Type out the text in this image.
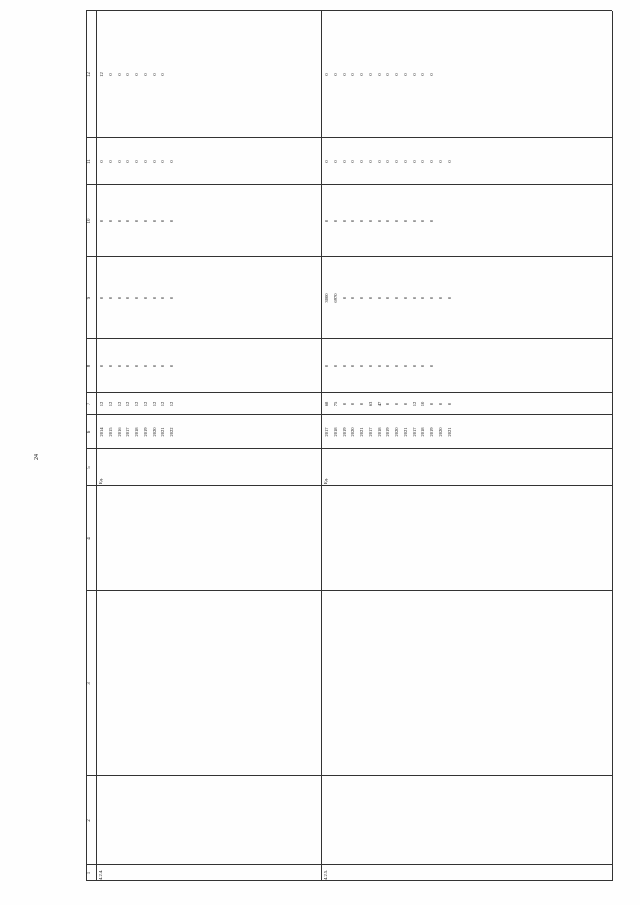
24
1
2
3
4
5
6
7
8
9
10
11
12
4.2.4.
Ед.
2014 2015 2016 2017 2018 2019 2020 2021 2022
12 12 12 12 12 12 12 12 12
0 0 0 0 0 0 0 0 0
0 0 0 0 0 0 0 0 0
0 0 0 0 0 0 0 0 0
0 0 0 0 0 0 0 0 0
12 0 0 0 0 0 0 0
4.2.5.
Ед.
2017 2018 2019 2020 2021 2017 2018 2019 2020 2021 2017 2018 2019 2020 2021
68 75 0 0 0 63 47 0 0 0 12 10 0 0 0
0 0 0 0 0 0 0 0 0 0 0 0 0
3000 6970 0 0 0 0 0 0 0 0 0 0 0 0 0
0 0 0 0 0 0 0 0 0 0 0 0 0
0 0 0 0 0 0 0 0 0 0 0 0 0 0 0
0 0 0 0 0 0 0 0 0 0 0 0 0
